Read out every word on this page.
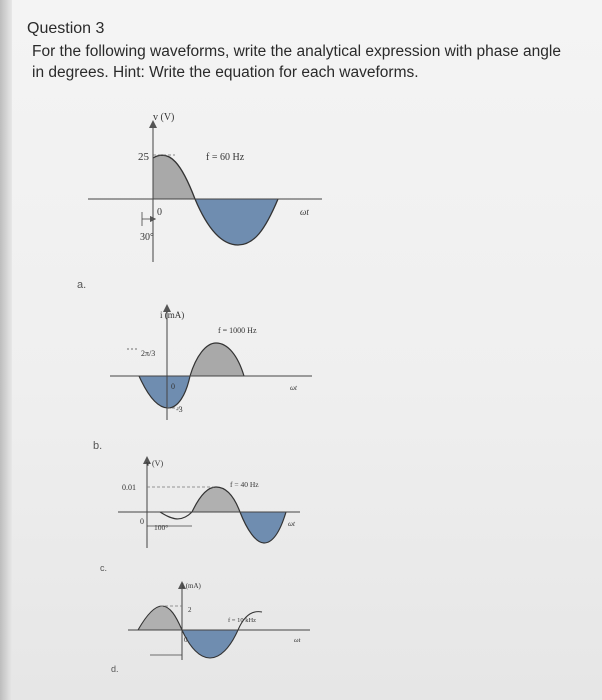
Question 3
For the following waveforms, write the analytical expression with phase angle in degrees. Hint: Write the equation for each waveforms.
a.
b.
c.
d.
v (V)
25	f = 60 Hz
0
30°
ωt
i (mA)
f = 1000 Hz
2π/3
0
-3
ωt
v (V)
0.01	f = 40 Hz
0
100°	ωt
i (mA)
2
f = 10 kHz
0	ωt
